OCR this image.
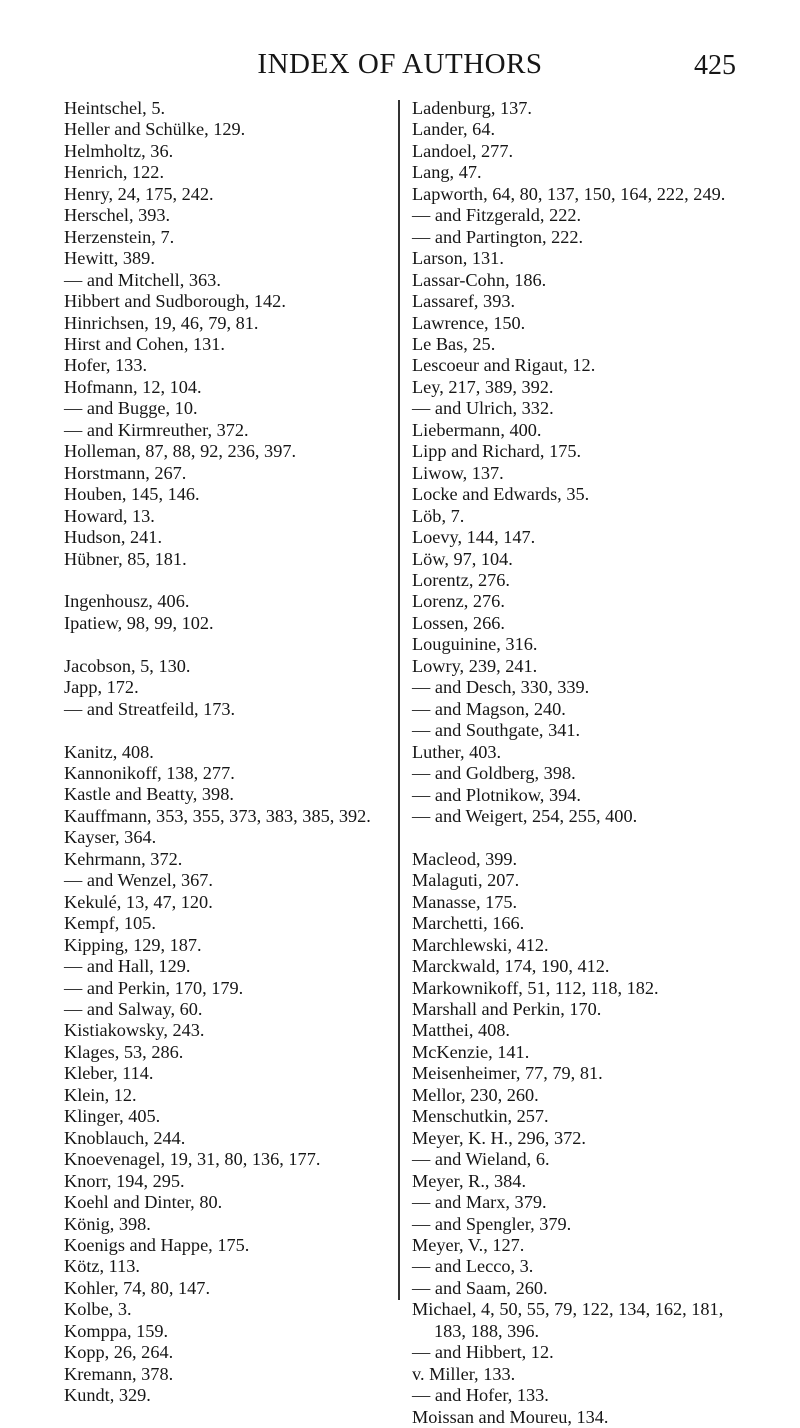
INDEX OF AUTHORS	425
Heintschel, 5.
Heller and Schülke, 129.
Helmholtz, 36.
Henrich, 122.
Henry, 24, 175, 242.
Herschel, 393.
Herzenstein, 7.
Hewitt, 389.
— and Mitchell, 363.
Hibbert and Sudborough, 142.
Hinrichsen, 19, 46, 79, 81.
Hirst and Cohen, 131.
Hofer, 133.
Hofmann, 12, 104.
— and Bugge, 10.
— and Kirmreuther, 372.
Holleman, 87, 88, 92, 236, 397.
Horstmann, 267.
Houben, 145, 146.
Howard, 13.
Hudson, 241.
Hübner, 85, 181.
Ingenhousz, 406.
Ipatiew, 98, 99, 102.
Jacobson, 5, 130.
Japp, 172.
— and Streatfeild, 173.
Kanitz, 408.
Kannonikoff, 138, 277.
Kastle and Beatty, 398.
Kauffmann, 353, 355, 373, 383, 385, 392.
Kayser, 364.
Kehrmann, 372.
— and Wenzel, 367.
Kekulé, 13, 47, 120.
Kempf, 105.
Kipping, 129, 187.
— and Hall, 129.
— and Perkin, 170, 179.
— and Salway, 60.
Kistiakowsky, 243.
Klages, 53, 286.
Kleber, 114.
Klein, 12.
Klinger, 405.
Knoblauch, 244.
Knoevenagel, 19, 31, 80, 136, 177.
Knorr, 194, 295.
Koehl and Dinter, 80.
König, 398.
Koenigs and Happe, 175.
Kötz, 113.
Kohler, 74, 80, 147.
Kolbe, 3.
Komppa, 159.
Kopp, 26, 264.
Kremann, 378.
Kundt, 329.
Ladenburg, 137.
Lander, 64.
Landoel, 277.
Lang, 47.
Lapworth, 64, 80, 137, 150, 164, 222, 249.
— and Fitzgerald, 222.
— and Partington, 222.
Larson, 131.
Lassar-Cohn, 186.
Lassaref, 393.
Lawrence, 150.
Le Bas, 25.
Lescoeur and Rigaut, 12.
Ley, 217, 389, 392.
— and Ulrich, 332.
Liebermann, 400.
Lipp and Richard, 175.
Liwow, 137.
Locke and Edwards, 35.
Löb, 7.
Loevy, 144, 147.
Löw, 97, 104.
Lorentz, 276.
Lorenz, 276.
Lossen, 266.
Louguinine, 316.
Lowry, 239, 241.
— and Desch, 330, 339.
— and Magson, 240.
— and Southgate, 341.
Luther, 403.
— and Goldberg, 398.
— and Plotnikow, 394.
— and Weigert, 254, 255, 400.
Macleod, 399.
Malaguti, 207.
Manasse, 175.
Marchetti, 166.
Marchlewski, 412.
Marckwald, 174, 190, 412.
Markownikoff, 51, 112, 118, 182.
Marshall and Perkin, 170.
Matthei, 408.
McKenzie, 141.
Meisenheimer, 77, 79, 81.
Mellor, 230, 260.
Menschutkin, 257.
Meyer, K. H., 296, 372.
— and Wieland, 6.
Meyer, R., 384.
— and Marx, 379.
— and Spengler, 379.
Meyer, V., 127.
— and Lecco, 3.
— and Saam, 260.
Michael, 4, 50, 55, 79, 122, 134, 162, 181, 183, 188, 396.
— and Hibbert, 12.
v. Miller, 133.
— and Hofer, 133.
Moissan and Moureu, 134.
